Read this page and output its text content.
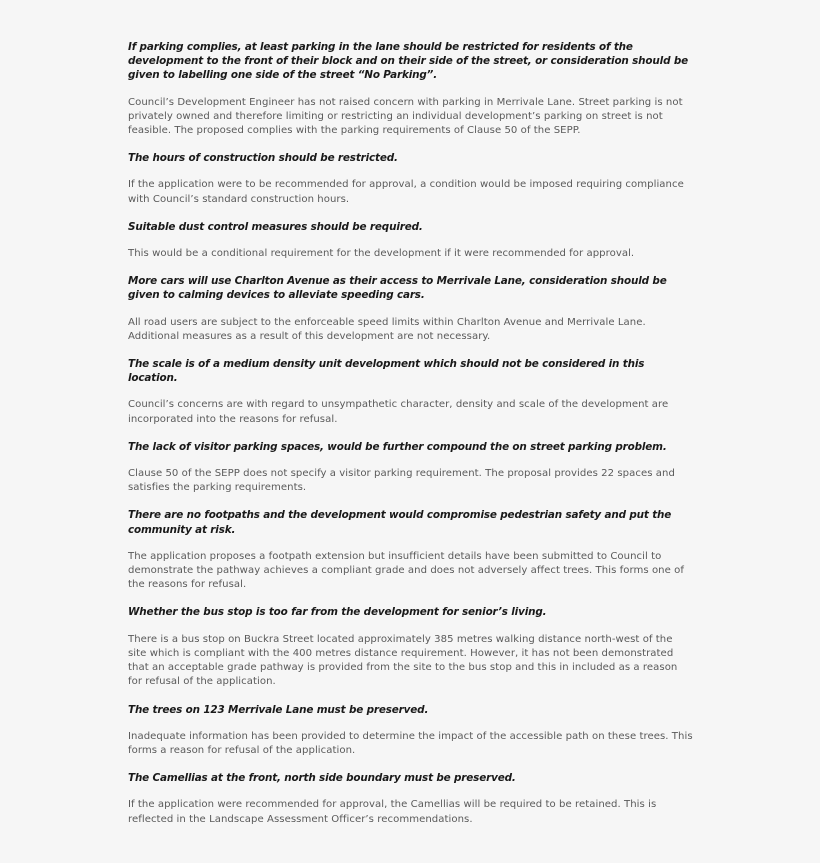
If parking complies, at least parking in the lane should be restricted for residents of the development to the front of their block and on their side of the street, or consideration should be given to labelling one side of the street “No Parking”.

Council’s Development Engineer has not raised concern with parking in Merrivale Lane. Street parking is not privately owned and therefore limiting or restricting an individual development’s parking on street is not feasible. The proposed complies with the parking requirements of Clause 50 of the SEPP.

The hours of construction should be restricted.

If the application were to be recommended for approval, a condition would be imposed requiring compliance with Council’s standard construction hours.

Suitable dust control measures should be required.

This would be a conditional requirement for the development if it were recommended for approval.

More cars will use Charlton Avenue as their access to Merrivale Lane, consideration should be given to calming devices to alleviate speeding cars.

All road users are subject to the enforceable speed limits within Charlton Avenue and Merrivale Lane. Additional measures as a result of this development are not necessary.

The scale is of a medium density unit development which should not be considered in this location.

Council’s concerns are with regard to unsympathetic character, density and scale of the development are incorporated into the reasons for refusal.

The lack of visitor parking spaces, would be further compound the on street parking problem.

Clause 50 of the SEPP does not specify a visitor parking requirement. The proposal provides 22 spaces and satisfies the parking requirements.

There are no footpaths and the development would compromise pedestrian safety and put the community at risk.

The application proposes a footpath extension but insufficient details have been submitted to Council to demonstrate the pathway achieves a compliant grade and does not adversely affect trees. This forms one of the reasons for refusal.

Whether the bus stop is too far from the development for senior’s living.

There is a bus stop on Buckra Street located approximately 385 metres walking distance north-west of the site which is compliant with the 400 metres distance requirement. However, it has not been demonstrated that an acceptable grade pathway is provided from the site to the bus stop and this in included as a reason for refusal of the application.

The trees on 123 Merrivale Lane must be preserved.

Inadequate information has been provided to determine the impact of the accessible path on these trees. This forms a reason for refusal of the application.

The Camellias at the front, north side boundary must be preserved.

If the application were recommended for approval, the Camellias will be required to be retained. This is reflected in the Landscape Assessment Officer’s recommendations.
